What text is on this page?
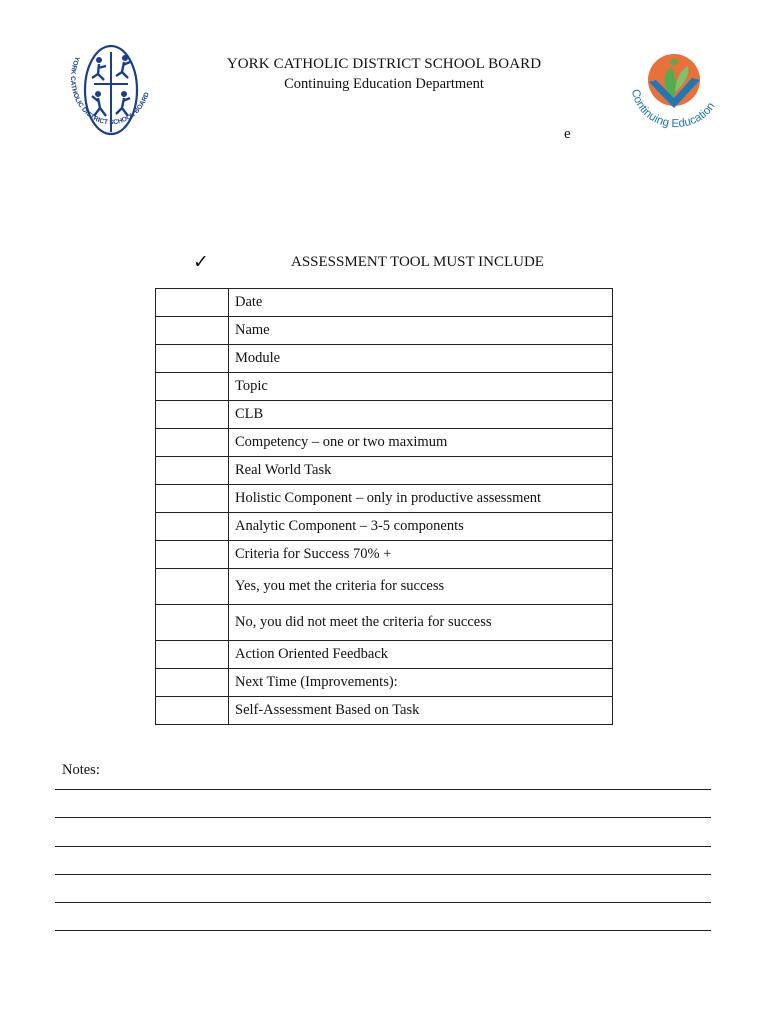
YORK CATHOLIC DISTRICT SCHOOL BOARD
YORK CATHOLIC DISTRICT SCHOOL BOARD
Continuing Education Department
e
Continuing Education
✓	ASSESSMENT TOOL MUST INCLUDE
	Date
	Name
	Module
	Topic
	CLB
	Competency – one or two maximum
	Real World Task
	Holistic Component – only in productive assessment
	Analytic Component – 3-5 components
	Criteria for Success 70% +
	Yes, you met the criteria for success
	No, you did not meet the criteria for success
	Action Oriented Feedback
	Next Time (Improvements):
	Self-Assessment Based on Task
Notes:
